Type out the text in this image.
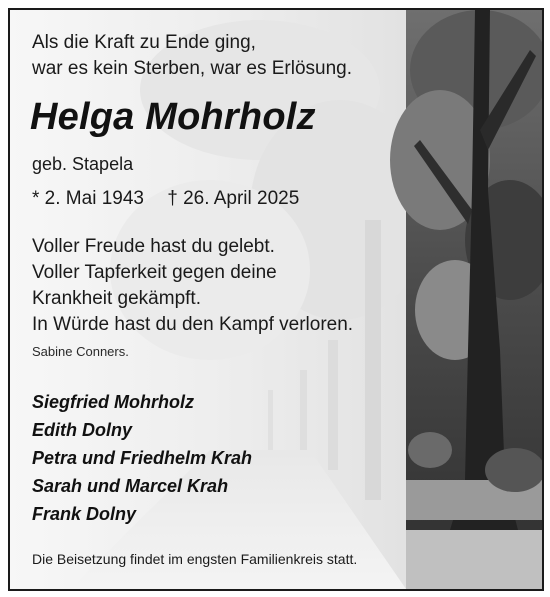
Als die Kraft zu Ende ging,
war es kein Sterben, war es Erlösung.
Helga Mohrholz
geb. Stapela
* 2. Mai 1943 † 26. April 2025
Voller Freude hast du gelebt.
Voller Tapferkeit gegen deine
Krankheit gekämpft.
In Würde hast du den Kampf verloren.
Sabine Conners.
Siegfried Mohrholz
Edith Dolny
Petra und Friedhelm Krah
Sarah und Marcel Krah
Frank Dolny
Die Beisetzung findet im engsten Familienkreis statt.
